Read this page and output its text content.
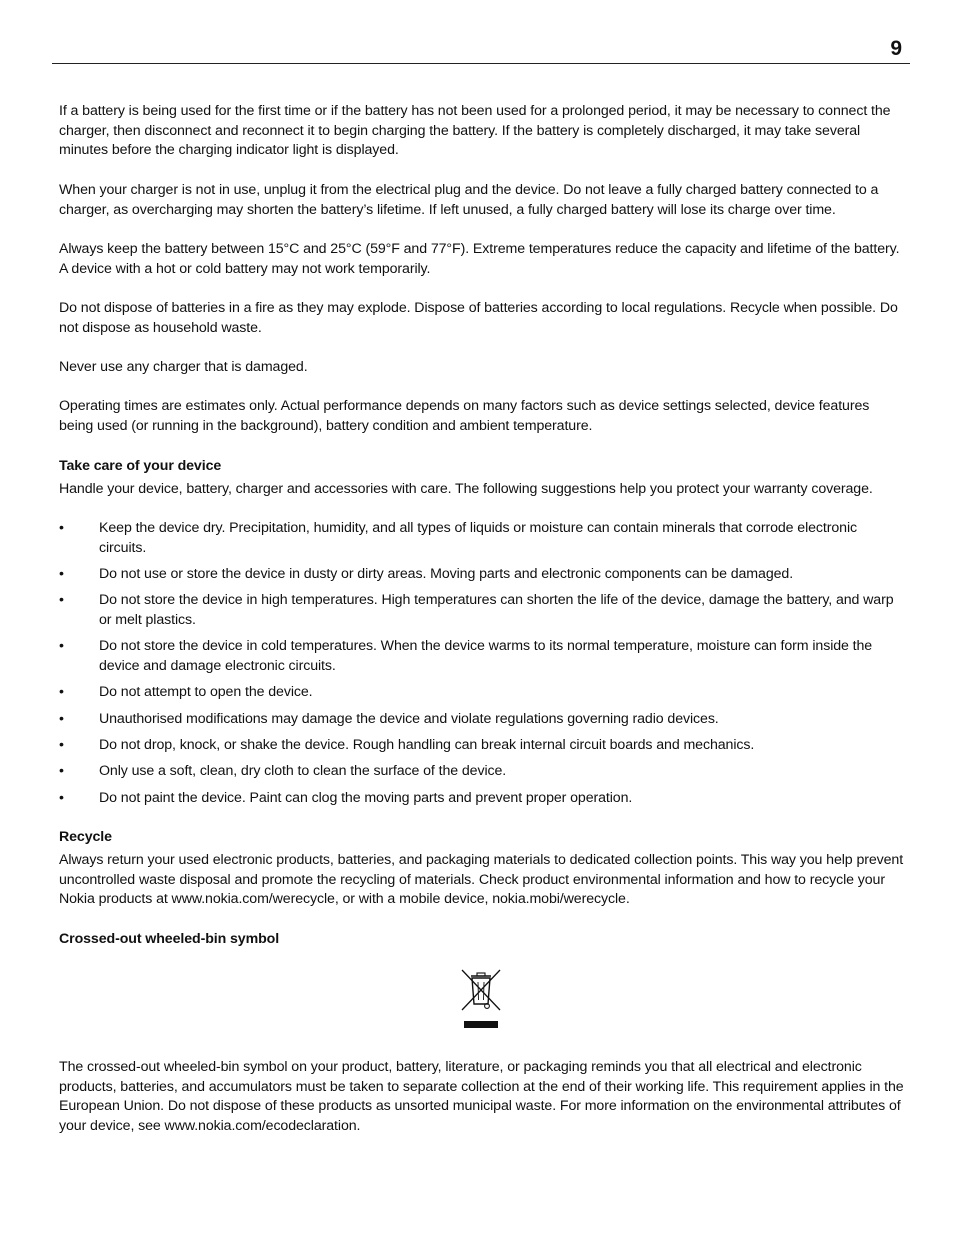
9

If a battery is being used for the first time or if the battery has not been used for a prolonged period, it may be necessary to connect the charger, then disconnect and reconnect it to begin charging the battery. If the battery is completely discharged, it may take several minutes before the charging indicator light is displayed.

When your charger is not in use, unplug it from the electrical plug and the device. Do not leave a fully charged battery connected to a charger, as overcharging may shorten the battery’s lifetime. If left unused, a fully charged battery will lose its charge over time.

Always keep the battery between 15°C and 25°C (59°F and 77°F). Extreme temperatures reduce the capacity and lifetime of the battery. A device with a hot or cold battery may not work temporarily.

Do not dispose of batteries in a fire as they may explode. Dispose of batteries according to local regulations. Recycle when possible. Do not dispose as household waste.

Never use any charger that is damaged.

Operating times are estimates only. Actual performance depends on many factors such as device settings selected, device features being used (or running in the background), battery condition and ambient temperature.

Take care of your device

Handle your device, battery, charger and accessories with care. The following suggestions help you protect your warranty coverage.

• Keep the device dry. Precipitation, humidity, and all types of liquids or moisture can contain minerals that corrode electronic circuits.
• Do not use or store the device in dusty or dirty areas. Moving parts and electronic components can be damaged.
• Do not store the device in high temperatures. High temperatures can shorten the life of the device, damage the battery, and warp or melt plastics.
• Do not store the device in cold temperatures. When the device warms to its normal temperature, moisture can form inside the device and damage electronic circuits.
• Do not attempt to open the device.
• Unauthorised modifications may damage the device and violate regulations governing radio devices.
• Do not drop, knock, or shake the device. Rough handling can break internal circuit boards and mechanics.
• Only use a soft, clean, dry cloth to clean the surface of the device.
• Do not paint the device. Paint can clog the moving parts and prevent proper operation.
Recycle

Always return your used electronic products, batteries, and packaging materials to dedicated collection points. This way you help prevent uncontrolled waste disposal and promote the recycling of materials. Check product environmental information and how to recycle your Nokia products at www.nokia.com/werecycle, or with a mobile device, nokia.mobi/werecycle.

Crossed-out wheeled-bin symbol

The crossed-out wheeled-bin symbol on your product, battery, literature, or packaging reminds you that all electrical and electronic products, batteries, and accumulators must be taken to separate collection at the end of their working life. This requirement applies in the European Union. Do not dispose of these products as unsorted municipal waste. For more information on the environmental attributes of your device, see www.nokia.com/ecodeclaration.
